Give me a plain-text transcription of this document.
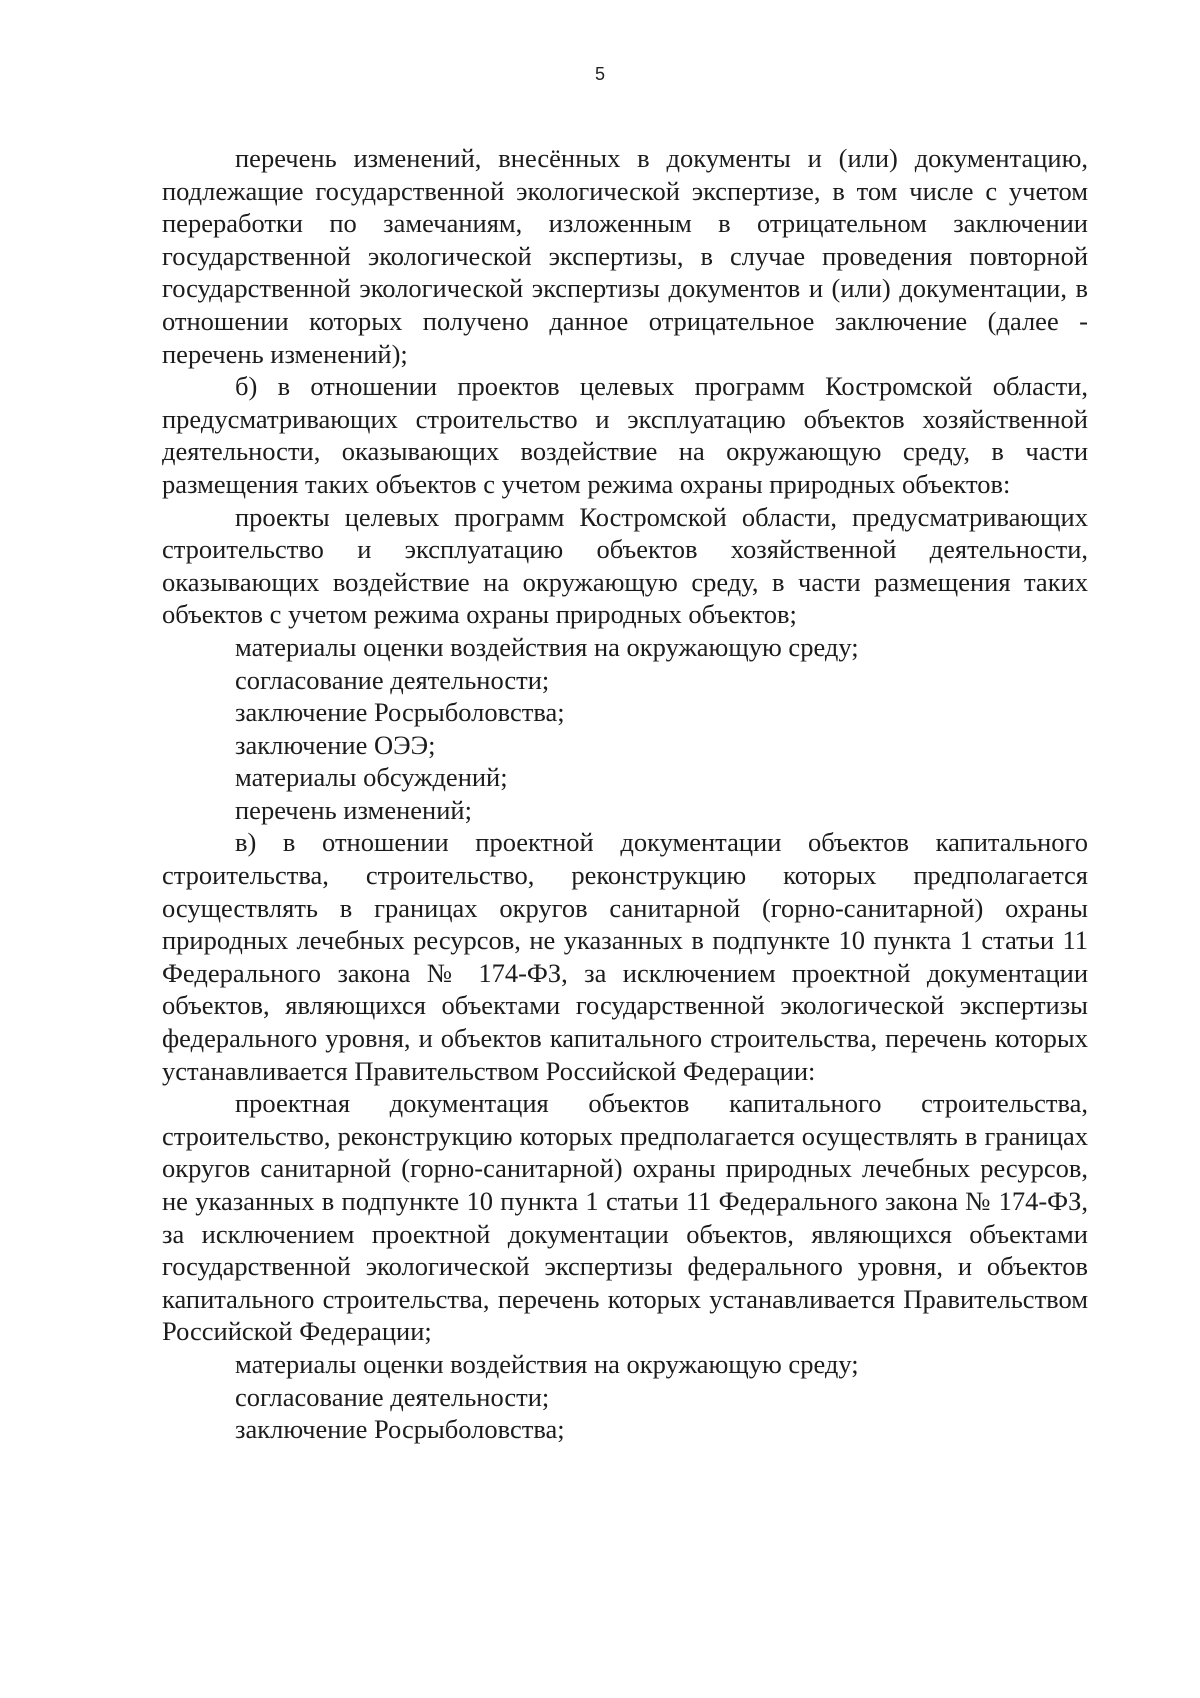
5

перечень изменений, внесённых в документы и (или) документацию, подлежащие государственной экологической экспертизе, в том числе с учетом переработки по замечаниям, изложенным в отрицательном заключении государственной экологической экспертизы, в случае проведения повторной государственной экологической экспертизы документов и (или) документации, в отношении которых получено данное отрицательное заключение (далее - перечень изменений);

б) в отношении проектов целевых программ Костромской области, предусматривающих строительство и эксплуатацию объектов хозяйственной деятельности, оказывающих воздействие на окружающую среду, в части размещения таких объектов с учетом режима охраны природных объектов:

проекты целевых программ Костромской области, предусматривающих строительство и эксплуатацию объектов хозяйственной деятельности, оказывающих воздействие на окружающую среду, в части размещения таких объектов с учетом режима охраны природных объектов;

материалы оценки воздействия на окружающую среду;

согласование деятельности;

заключение Росрыболовства;

заключение ОЭЭ;

материалы обсуждений;

перечень изменений;

в) в отношении проектной документации объектов капитального строительства, строительство, реконструкцию которых предполагается осуществлять в границах округов санитарной (горно-санитарной) охраны природных лечебных ресурсов, не указанных в подпункте 10 пункта 1 статьи 11 Федерального закона № 174-ФЗ, за исключением проектной документации объектов, являющихся объектами государственной экологической экспертизы федерального уровня, и объектов капитального строительства, перечень которых устанавливается Правительством Российской Федерации:

проектная документация объектов капитального строительства, строительство, реконструкцию которых предполагается осуществлять в границах округов санитарной (горно-санитарной) охраны природных лечебных ресурсов, не указанных в подпункте 10 пункта 1 статьи 11 Федерального закона № 174-ФЗ, за исключением проектной документации объектов, являющихся объектами государственной экологической экспертизы федерального уровня, и объектов капитального строительства, перечень которых устанавливается Правительством Российской Федерации;

материалы оценки воздействия на окружающую среду;

согласование деятельности;

заключение Росрыболовства;
